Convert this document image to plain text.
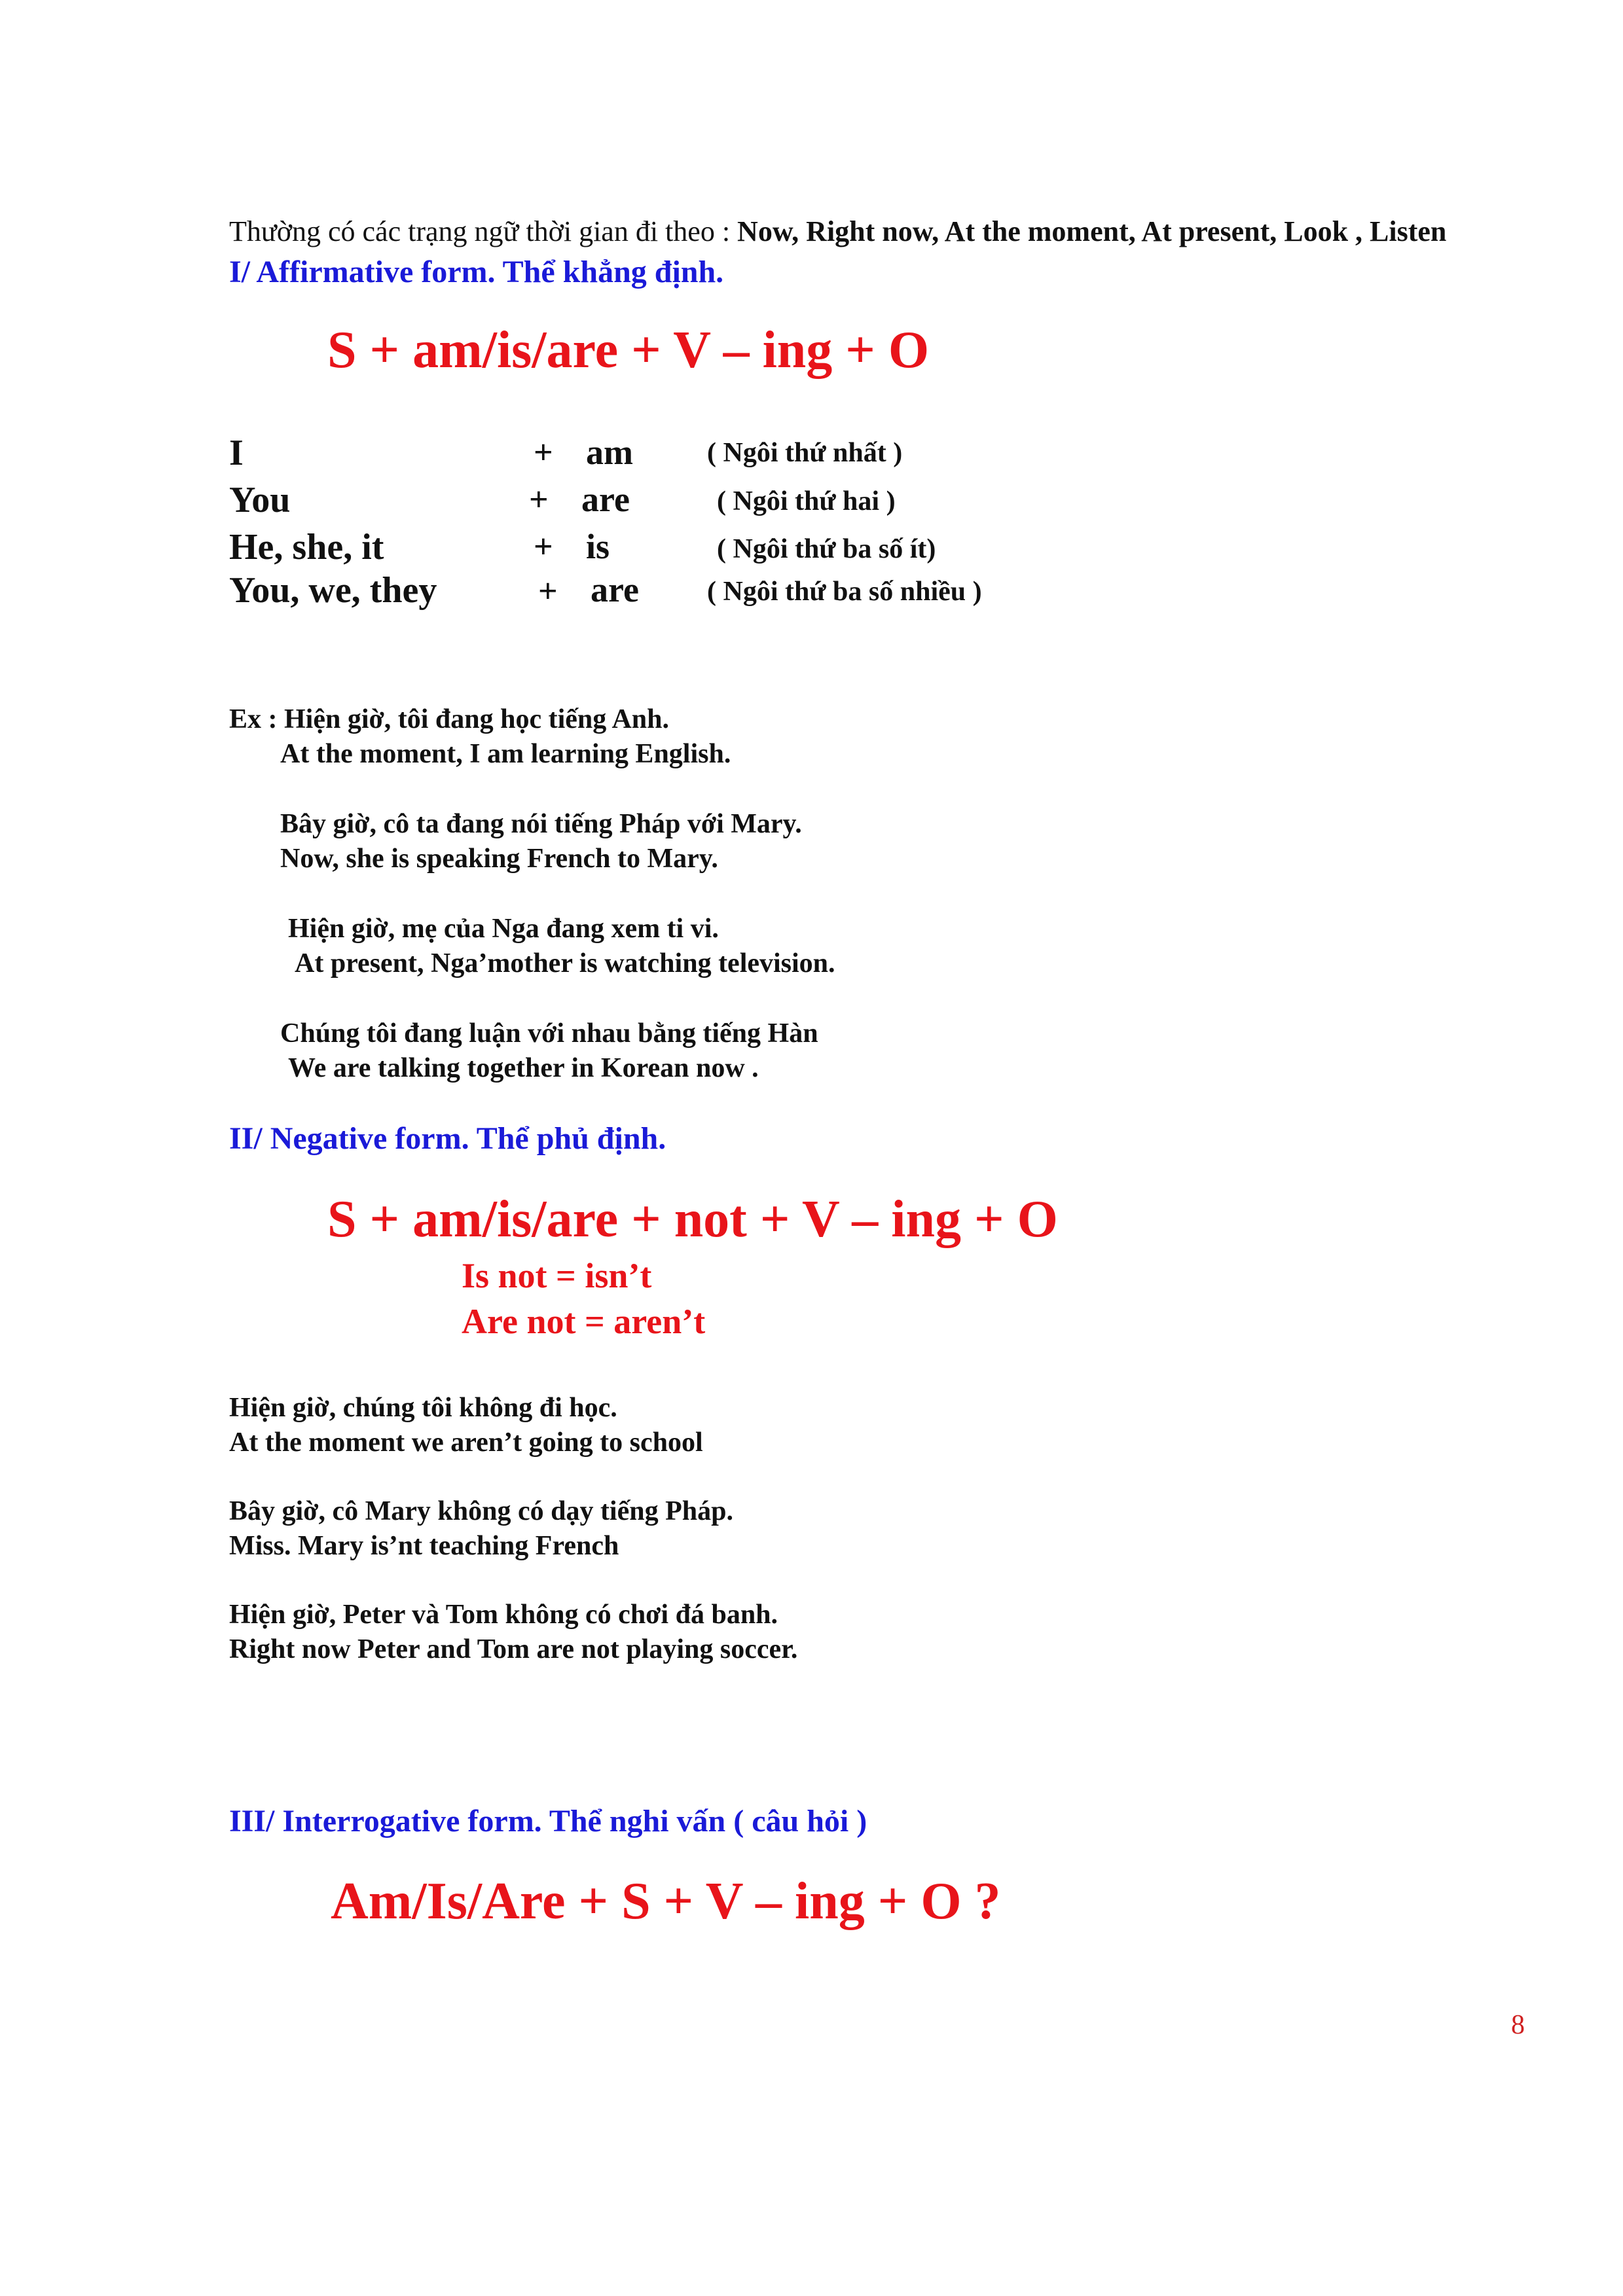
Thường có các trạng ngữ thời gian đi theo : Now, Right now, At the moment, At present, Look , Listen
I/ Affirmative form. Thể khẳng định.
S + am/is/are + V – ing + O
I	+ am	( Ngôi thứ nhất )
You	+ are	( Ngôi thứ hai )
He, she, it	+ is	( Ngôi thứ ba số ít)
You, we, they	+ are ( Ngôi thứ ba số nhiều )
Ex : Hiện giờ, tôi đang học tiếng Anh.
At the moment, I am learning English.
Bây giờ, cô ta đang nói tiếng Pháp với Mary.
Now, she is speaking French to Mary.
Hiện giờ, mẹ của Nga đang xem ti vi.
At present, Nga’mother is watching television.
Chúng tôi đang luận với nhau bằng tiếng Hàn
We are talking together in Korean now .
II/ Negative form. Thể phủ định.
S + am/is/are + not + V – ing + O
Is not = isn’t
Are not = aren’t
Hiện giờ, chúng tôi không đi học.
At the moment we aren’t going to school
Bây giờ, cô Mary không có dạy tiếng Pháp.
Miss. Mary is’nt teaching French
Hiện giờ, Peter và Tom không có chơi đá banh.
Right now Peter and Tom are not playing soccer.
III/ Interrogative form. Thể nghi vấn ( câu hỏi )
Am/Is/Are + S + V – ing + O ?
8
